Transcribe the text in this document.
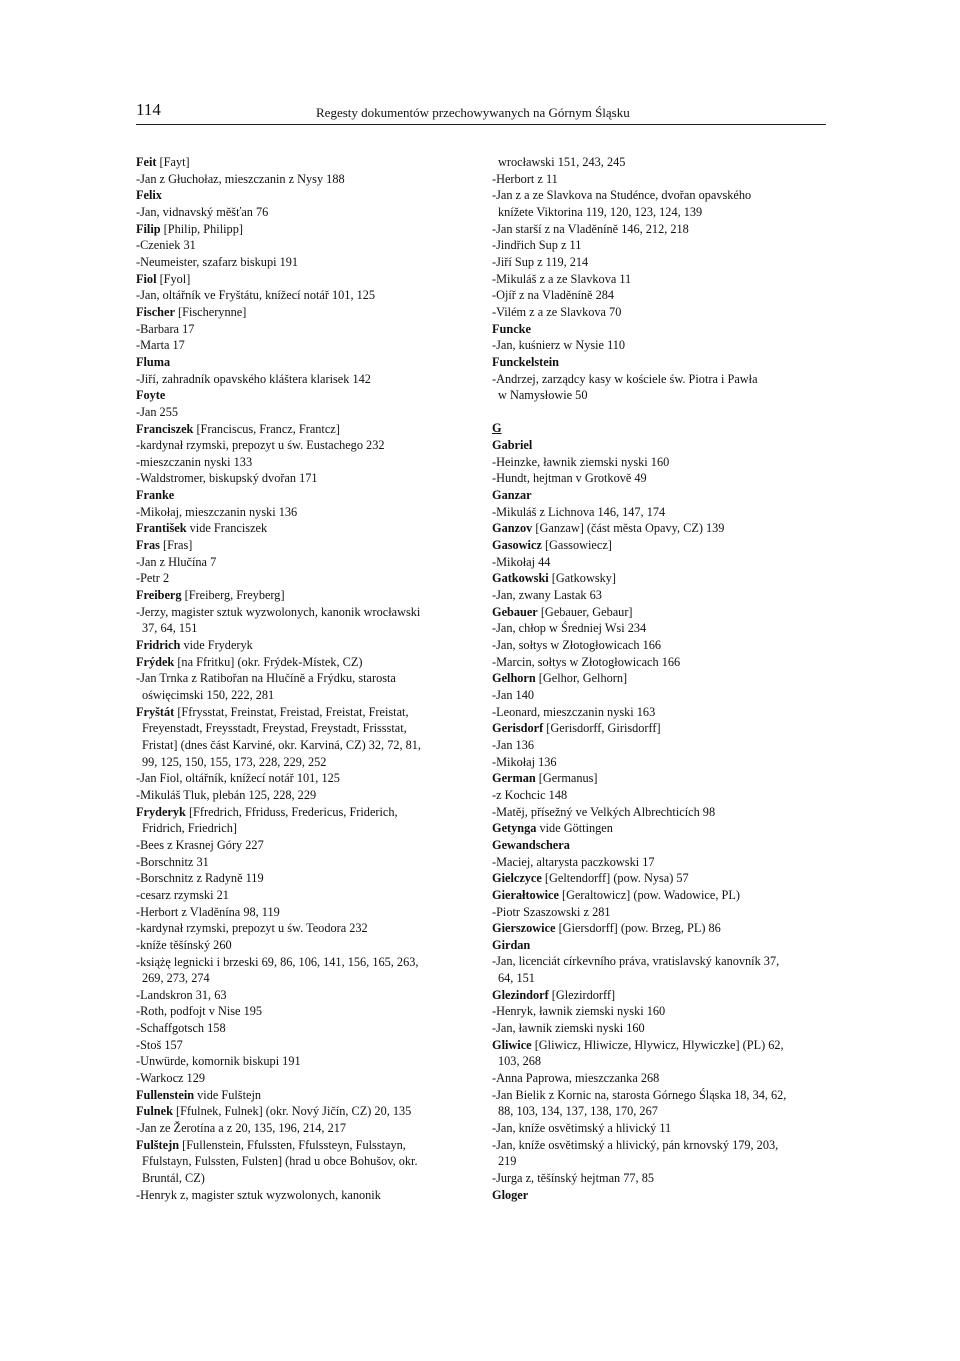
114	Regesty dokumentów przechowywanych na Górnym Śląsku
Feit [Fayt]
-Jan z Głuchołaz, mieszczanin z Nysy 188
Felix
-Jan, vidnavský měšťan 76
Filip [Philip, Philipp]
-Czeniek 31
-Neumeister, szafarz biskupi 191
Fiol [Fyol]
-Jan, oltářník ve Fryštátu, knížecí notář 101, 125
Fischer [Fischerynne]
-Barbara 17
-Marta 17
Fluma
-Jiří, zahradník opavského kláštera klarisek 142
Foyte
-Jan 255
Franciszek [Franciscus, Francz, Frantcz]
-kardynał rzymski, prepozyt u św. Eustachego 232
-mieszczanin nyski 133
-Waldstromer, biskupský dvořan 171
Franke
-Mikołaj, mieszczanin nyski 136
František vide Franciszek
Fras [Fras]
-Jan z Hlučína 7
-Petr 2
Freiberg [Freiberg, Freyberg]
-Jerzy, magister sztuk wyzwolonych, kanonik wrocławski
37, 64, 151
Fridrich vide Fryderyk
Frýdek [na Ffritku] (okr. Frýdek-Místek, CZ)
-Jan Trnka z Ratibořan na Hlučíně a Frýdku, starosta
oświęcimski 150, 222, 281
Fryštát [Ffrysstat, Freinstat, Freistad, Freistat, Freistat,
Freyenstadt, Freysstadt, Freystad, Freystadt, Frissstat,
Fristat] (dnes část Karviné, okr. Karviná, CZ) 32, 72, 81,
99, 125, 150, 155, 173, 228, 229, 252
-Jan Fiol, oltářník, knížecí notář 101, 125
-Mikuláš Tluk, plebán 125, 228, 229
Fryderyk [Ffredrich, Ffriduss, Fredericus, Friderich,
Fridrich, Friedrich]
-Bees z Krasnej Góry 227
-Borschnitz 31
-Borschnitz z Radyně 119
-cesarz rzymski 21
-Herbort z Vladěnína 98, 119
-kardynał rzymski, prepozyt u św. Teodora 232
-kníže těšínský 260
-książę legnicki i brzeski 69, 86, 106, 141, 156, 165, 263,
269, 273, 274
-Landskron 31, 63
-Roth, podfojt v Nise 195
-Schaffgotsch 158
-Stoš 157
-Unwürde, komornik biskupi 191
-Warkocz 129
Fullenstein vide Fulštejn
Fulnek [Ffulnek, Fulnek] (okr. Nový Jičín, CZ) 20, 135
-Jan ze Žerotína a z 20, 135, 196, 214, 217
Fulštejn [Fullenstein, Ffulssten, Ffulssteyn, Fulsstayn,
Ffulstayn, Fulssten, Fulsten] (hrad u obce Bohušov, okr.
Bruntál, CZ)
-Henryk z, magister sztuk wyzwolonych, kanonik
wrocławski 151, 243, 245
-Herbort z 11
-Jan z a ze Slavkova na Studénce, dvořan opavského
knížete Viktorina 119, 120, 123, 124, 139
-Jan starší z na Vladěníně 146, 212, 218
-Jindřich Sup z 11
-Jiří Sup z 119, 214
-Mikuláš z a ze Slavkova 11
-Ojíř z na Vladěníně 284
-Vilém z a ze Slavkova 70
Funcke
-Jan, kuśnierz w Nysie 110
Funckelstein
-Andrzej, zarządcy kasy w kościele św. Piotra i Pawła
w Namysłowie 50
G
Gabriel
-Heinzke, ławnik ziemski nyski 160
-Hundt, hejtman v Grotkově 49
Ganzar
-Mikuláš z Lichnova 146, 147, 174
Ganzov [Ganzaw] (část města Opavy, CZ) 139
Gasowicz [Gassowiecz]
-Mikołaj 44
Gatkowski [Gatkowsky]
-Jan, zwany Lastak 63
Gebauer [Gebauer, Gebaur]
-Jan, chłop w Średniej Wsi 234
-Jan, sołtys w Złotogłowicach 166
-Marcin, sołtys w Złotogłowicach 166
Gelhorn [Gelhor, Gelhorn]
-Jan 140
-Leonard, mieszczanin nyski 163
Gerisdorf [Gerisdorff, Girisdorff]
-Jan 136
-Mikołaj 136
German [Germanus]
-z Kochcic 148
-Matěj, přísežný ve Velkých Albrechticích 98
Getynga vide Göttingen
Gewandschera
-Maciej, altarysta paczkowski 17
Gielczyce [Geltendorff] (pow. Nysa) 57
Gierałtowice [Geraltowicz] (pow. Wadowice, PL)
-Piotr Szaszowski z 281
Gierszowice [Giersdorff] (pow. Brzeg, PL) 86
Girdan
-Jan, licenciát církevního práva, vratislavský kanovník 37,
64, 151
Glezindorf [Glezirdorff]
-Henryk, ławnik ziemski nyski 160
-Jan, ławnik ziemski nyski 160
Gliwice [Gliwicz, Hliwicze, Hlywicz, Hlywiczke] (PL) 62,
103, 268
-Anna Paprowa, mieszczanka 268
-Jan Bielik z Kornic na, starosta Górnego Śląska 18, 34, 62,
88, 103, 134, 137, 138, 170, 267
-Jan, kníže osvětimský a hlivický 11
-Jan, kníže osvětimský a hlivický, pán krnovský 179, 203,
219
-Jurga z, těšínský hejtman 77, 85
Gloger
